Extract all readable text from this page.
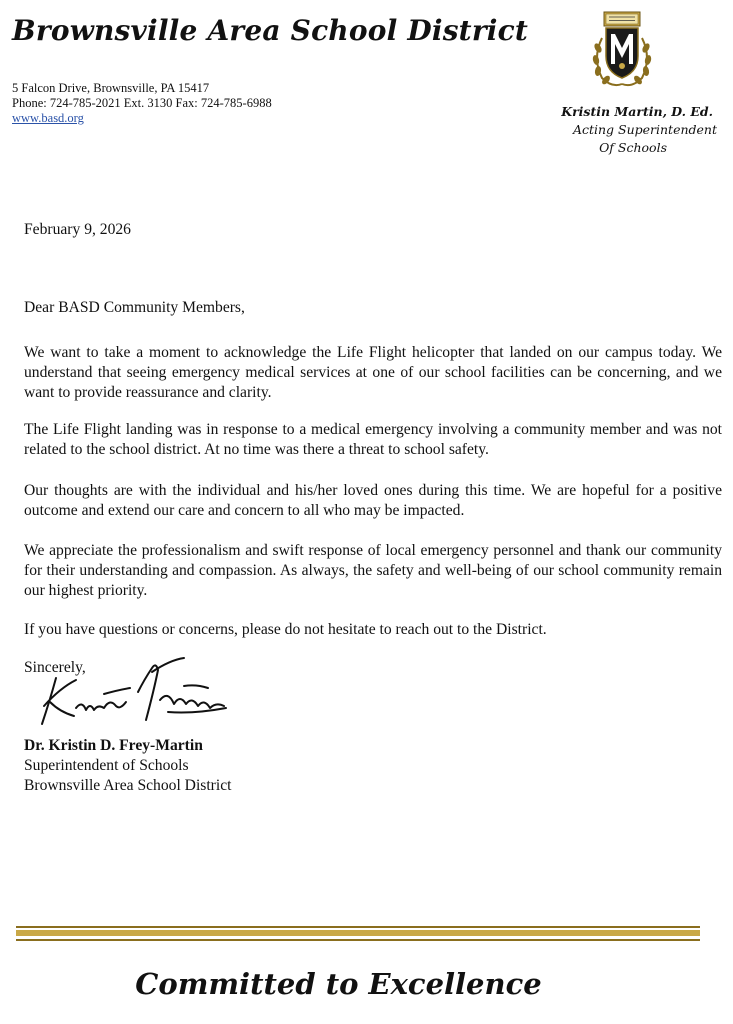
Brownsville Area School District
5 Falcon Drive, Brownsville, PA 15417
Phone: 724-785-2021 Ext. 3130 Fax: 724-785-6988
www.basd.org	Kristin Martin, D. Ed.
Acting Superintendent
Of Schools

February 9, 2026

Dear BASD Community Members,

We want to take a moment to acknowledge the Life Flight helicopter that landed on our campus today. We understand that seeing emergency medical services at one of our school facilities can be concerning, and we want to provide reassurance and clarity.

The Life Flight landing was in response to a medical emergency involving a community member and was not related to the school district. At no time was there a threat to school safety.

Our thoughts are with the individual and his/her loved ones during this time. We are hopeful for a positive outcome and extend our care and concern to all who may be impacted.

We appreciate the professionalism and swift response of local emergency personnel and thank our community for their understanding and compassion. As always, the safety and well-being of our school community remain our highest priority.

If you have questions or concerns, please do not hesitate to reach out to the District.

Sincerely,

Dr. Kristin D. Frey-Martin
Superintendent of Schools
Brownsville Area School District

Committed to Excellence
